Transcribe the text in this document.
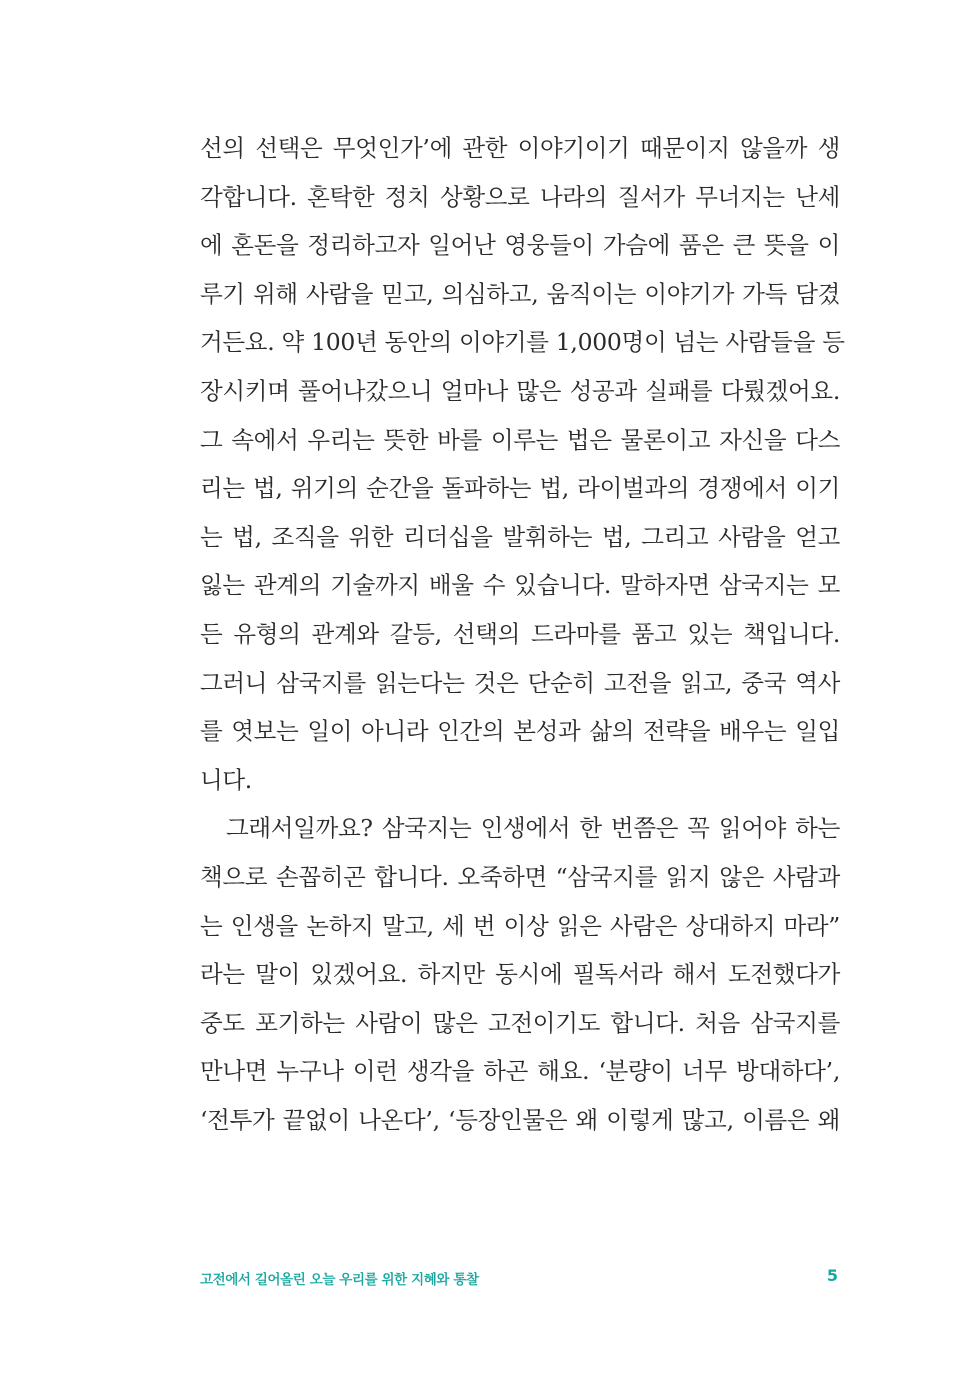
선의 선택은 무엇인가’에 관한 이야기이기 때문이지 않을까 생
각합니다. 혼탁한 정치 상황으로 나라의 질서가 무너지는 난세
에 혼돈을 정리하고자 일어난 영웅들이 가슴에 품은 큰 뜻을 이
루기 위해 사람을 믿고, 의심하고, 움직이는 이야기가 가득 담겼
거든요. 약 100년 동안의 이야기를 1,000명이 넘는 사람들을 등
장시키며 풀어나갔으니 얼마나 많은 성공과 실패를 다뤘겠어요.
그 속에서 우리는 뜻한 바를 이루는 법은 물론이고 자신을 다스
리는 법, 위기의 순간을 돌파하는 법, 라이벌과의 경쟁에서 이기
는 법, 조직을 위한 리더십을 발휘하는 법, 그리고 사람을 얻고
잃는 관계의 기술까지 배울 수 있습니다. 말하자면 삼국지는 모
든 유형의 관계와 갈등, 선택의 드라마를 품고 있는 책입니다.
그러니 삼국지를 읽는다는 것은 단순히 고전을 읽고, 중국 역사
를 엿보는 일이 아니라 인간의 본성과 삶의 전략을 배우는 일입
니다.
그래서일까요? 삼국지는 인생에서 한 번쯤은 꼭 읽어야 하는
책으로 손꼽히곤 합니다. 오죽하면 “삼국지를 읽지 않은 사람과
는 인생을 논하지 말고, 세 번 이상 읽은 사람은 상대하지 마라”
라는 말이 있겠어요. 하지만 동시에 필독서라 해서 도전했다가
중도 포기하는 사람이 많은 고전이기도 합니다. 처음 삼국지를
만나면 누구나 이런 생각을 하곤 해요. ‘분량이 너무 방대하다’,
‘전투가 끝없이 나온다’, ‘등장인물은 왜 이렇게 많고, 이름은 왜
고전에서 길어올린 오늘 우리를 위한 지혜와 통찰	5
